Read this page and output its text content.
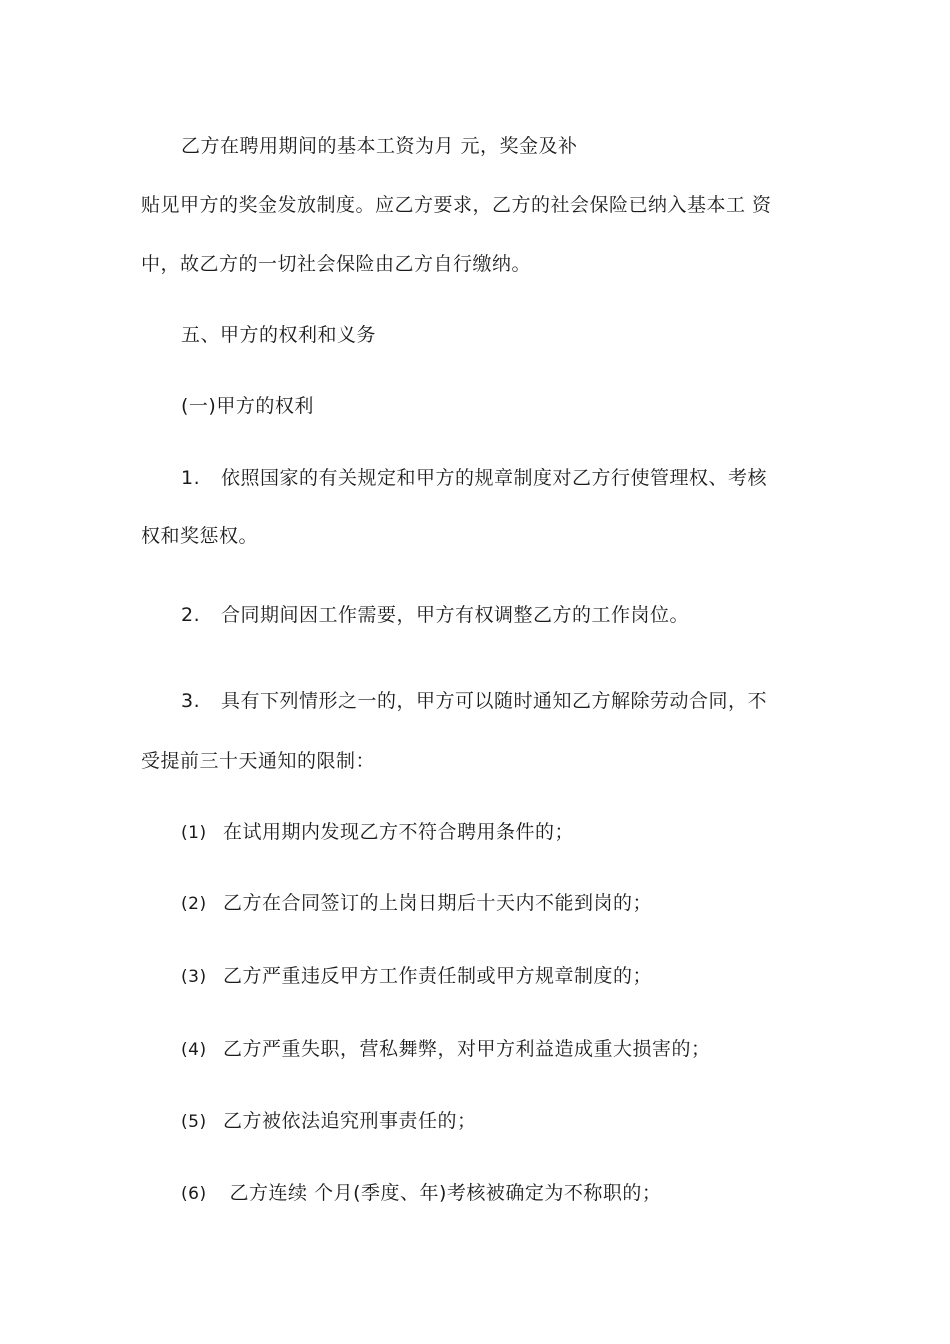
乙方在聘用期间的基本工资为月 元，奖金及补
贴见甲方的奖金发放制度。应乙方要求，乙方的社会保险已纳入基本工 资
中，故乙方的一切社会保险由乙方自行缴纳。
五、甲方的权利和义务
(一)甲方的权利
1. 依照国家的有关规定和甲方的规章制度对乙方行使管理权、考核
权和奖惩权。
2. 合同期间因工作需要，甲方有权调整乙方的工作岗位。
3. 具有下列情形之一的，甲方可以随时通知乙方解除劳动合同，不
受提前三十天通知的限制：
(1) 在试用期内发现乙方不符合聘用条件的；
(2) 乙方在合同签订的上岗日期后十天内不能到岗的；
(3) 乙方严重违反甲方工作责任制或甲方规章制度的；
(4) 乙方严重失职，营私舞弊，对甲方利益造成重大损害的；
(5) 乙方被依法追究刑事责任的；
(6) 乙方连续 个月(季度、年)考核被确定为不称职的；
